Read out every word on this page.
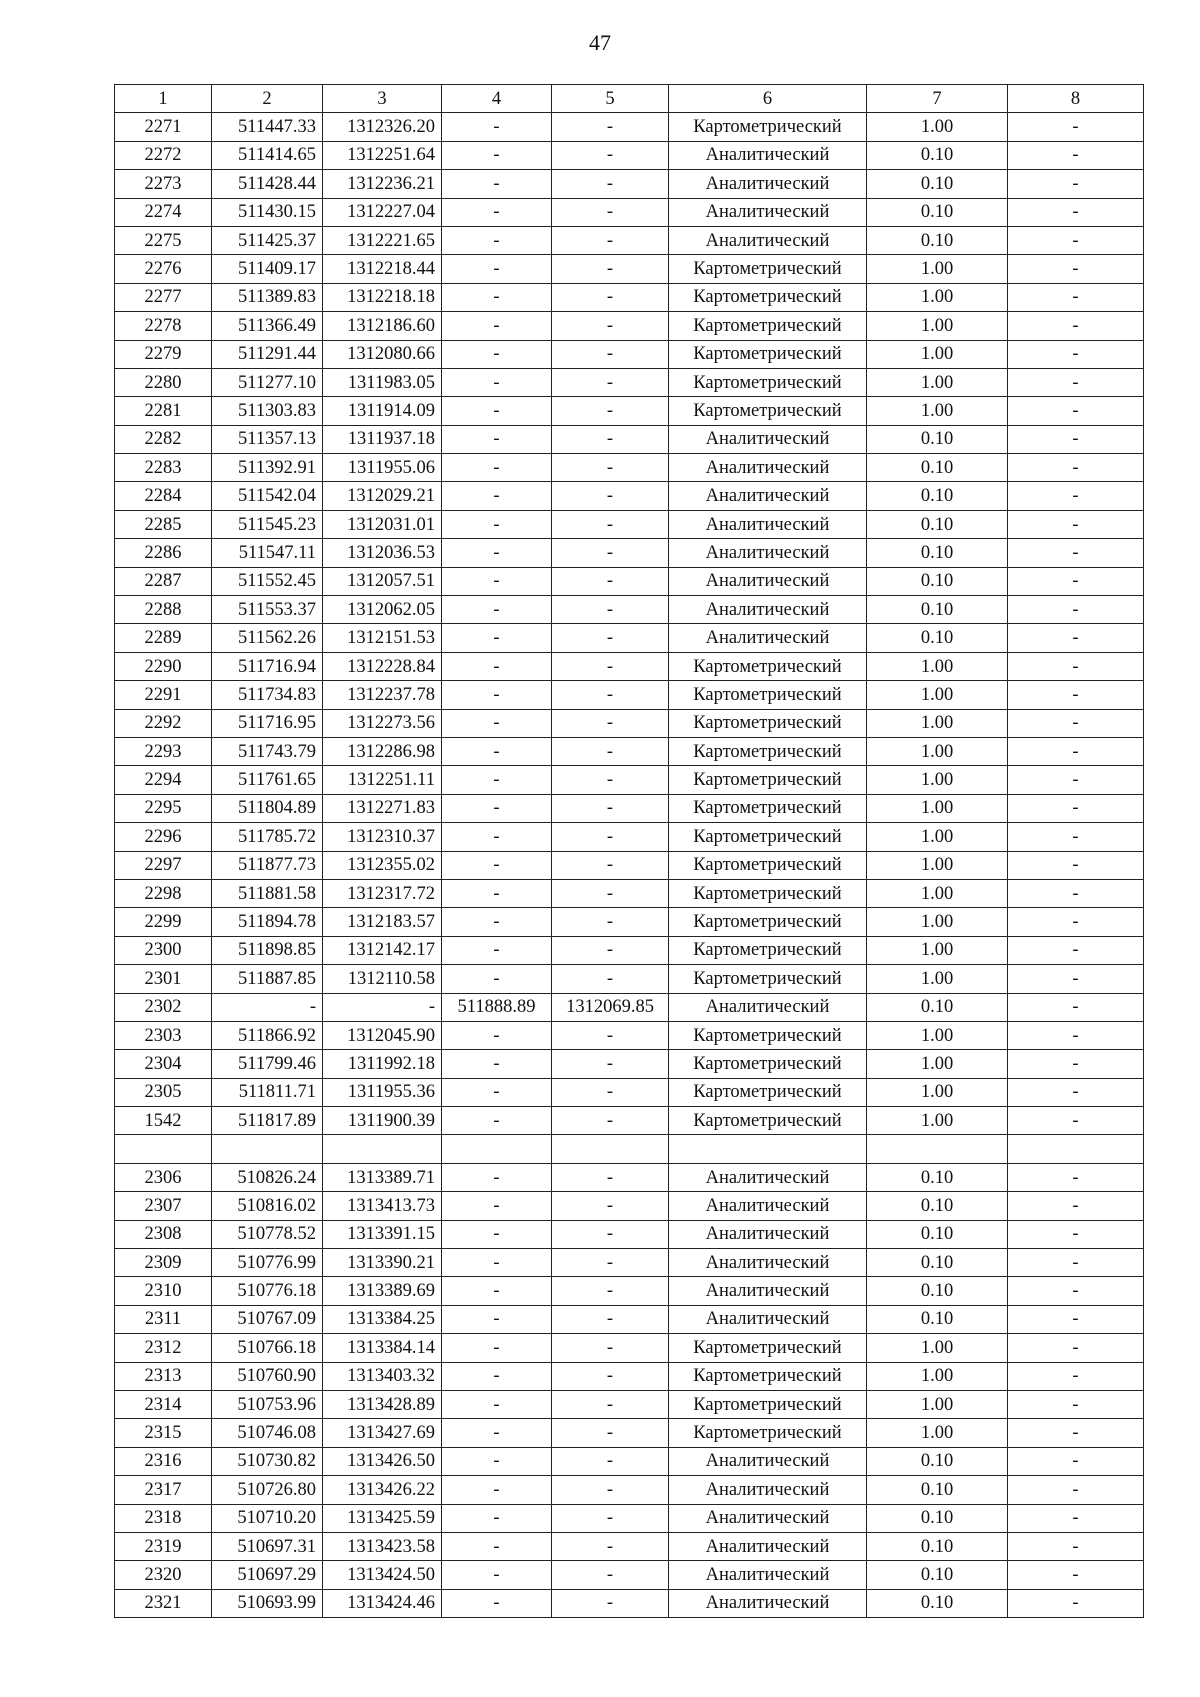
47
1	2	3	4	5	6	7	8
2271	511447.33	1312326.20	-	-	Картометрический	1.00	-
2272	511414.65	1312251.64	-	-	Аналитический	0.10	-
2273	511428.44	1312236.21	-	-	Аналитический	0.10	-
2274	511430.15	1312227.04	-	-	Аналитический	0.10	-
2275	511425.37	1312221.65	-	-	Аналитический	0.10	-
2276	511409.17	1312218.44	-	-	Картометрический	1.00	-
2277	511389.83	1312218.18	-	-	Картометрический	1.00	-
2278	511366.49	1312186.60	-	-	Картометрический	1.00	-
2279	511291.44	1312080.66	-	-	Картометрический	1.00	-
2280	511277.10	1311983.05	-	-	Картометрический	1.00	-
2281	511303.83	1311914.09	-	-	Картометрический	1.00	-
2282	511357.13	1311937.18	-	-	Аналитический	0.10	-
2283	511392.91	1311955.06	-	-	Аналитический	0.10	-
2284	511542.04	1312029.21	-	-	Аналитический	0.10	-
2285	511545.23	1312031.01	-	-	Аналитический	0.10	-
2286	511547.11	1312036.53	-	-	Аналитический	0.10	-
2287	511552.45	1312057.51	-	-	Аналитический	0.10	-
2288	511553.37	1312062.05	-	-	Аналитический	0.10	-
2289	511562.26	1312151.53	-	-	Аналитический	0.10	-
2290	511716.94	1312228.84	-	-	Картометрический	1.00	-
2291	511734.83	1312237.78	-	-	Картометрический	1.00	-
2292	511716.95	1312273.56	-	-	Картометрический	1.00	-
2293	511743.79	1312286.98	-	-	Картометрический	1.00	-
2294	511761.65	1312251.11	-	-	Картометрический	1.00	-
2295	511804.89	1312271.83	-	-	Картометрический	1.00	-
2296	511785.72	1312310.37	-	-	Картометрический	1.00	-
2297	511877.73	1312355.02	-	-	Картометрический	1.00	-
2298	511881.58	1312317.72	-	-	Картометрический	1.00	-
2299	511894.78	1312183.57	-	-	Картометрический	1.00	-
2300	511898.85	1312142.17	-	-	Картометрический	1.00	-
2301	511887.85	1312110.58	-	-	Картометрический	1.00	-
2302	-	-	511888.89	1312069.85	Аналитический	0.10	-
2303	511866.92	1312045.90	-	-	Картометрический	1.00	-
2304	511799.46	1311992.18	-	-	Картометрический	1.00	-
2305	511811.71	1311955.36	-	-	Картометрический	1.00	-
1542	511817.89	1311900.39	-	-	Картометрический	1.00	-

2306	510826.24	1313389.71	-	-	Аналитический	0.10	-
2307	510816.02	1313413.73	-	-	Аналитический	0.10	-
2308	510778.52	1313391.15	-	-	Аналитический	0.10	-
2309	510776.99	1313390.21	-	-	Аналитический	0.10	-
2310	510776.18	1313389.69	-	-	Аналитический	0.10	-
2311	510767.09	1313384.25	-	-	Аналитический	0.10	-
2312	510766.18	1313384.14	-	-	Картометрический	1.00	-
2313	510760.90	1313403.32	-	-	Картометрический	1.00	-
2314	510753.96	1313428.89	-	-	Картометрический	1.00	-
2315	510746.08	1313427.69	-	-	Картометрический	1.00	-
2316	510730.82	1313426.50	-	-	Аналитический	0.10	-
2317	510726.80	1313426.22	-	-	Аналитический	0.10	-
2318	510710.20	1313425.59	-	-	Аналитический	0.10	-
2319	510697.31	1313423.58	-	-	Аналитический	0.10	-
2320	510697.29	1313424.50	-	-	Аналитический	0.10	-
2321	510693.99	1313424.46	-	-	Аналитический	0.10	-
